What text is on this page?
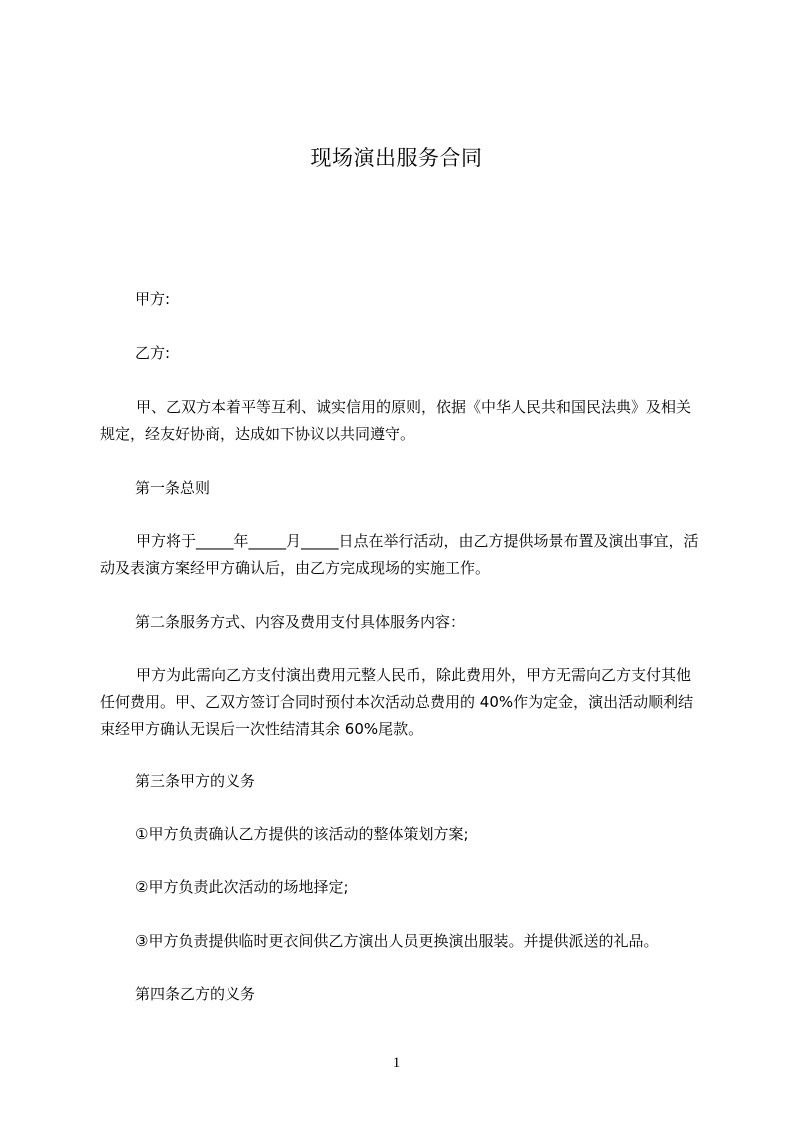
现场演出服务合同

甲方:

乙方:

甲、乙双方本着平等互利、诚实信用的原则，依据《中华人民共和国民法典》及相关规定，经友好协商，达成如下协议以共同遵守。

第一条总则

甲方将于_____年_____月_____日点在举行活动，由乙方提供场景布置及演出事宜，活动及表演方案经甲方确认后，由乙方完成现场的实施工作。

第二条服务方式、内容及费用支付具体服务内容：

甲方为此需向乙方支付演出费用元整人民币，除此费用外，甲方无需向乙方支付其他任何费用。甲、乙双方签订合同时预付本次活动总费用的 40%作为定金，演出活动顺利结束经甲方确认无误后一次性结清其余 60%尾款。

第三条甲方的义务

①甲方负责确认乙方提供的该活动的整体策划方案;

②甲方负责此次活动的场地择定;

③甲方负责提供临时更衣间供乙方演出人员更换演出服装。并提供派送的礼品。

第四条乙方的义务

1
